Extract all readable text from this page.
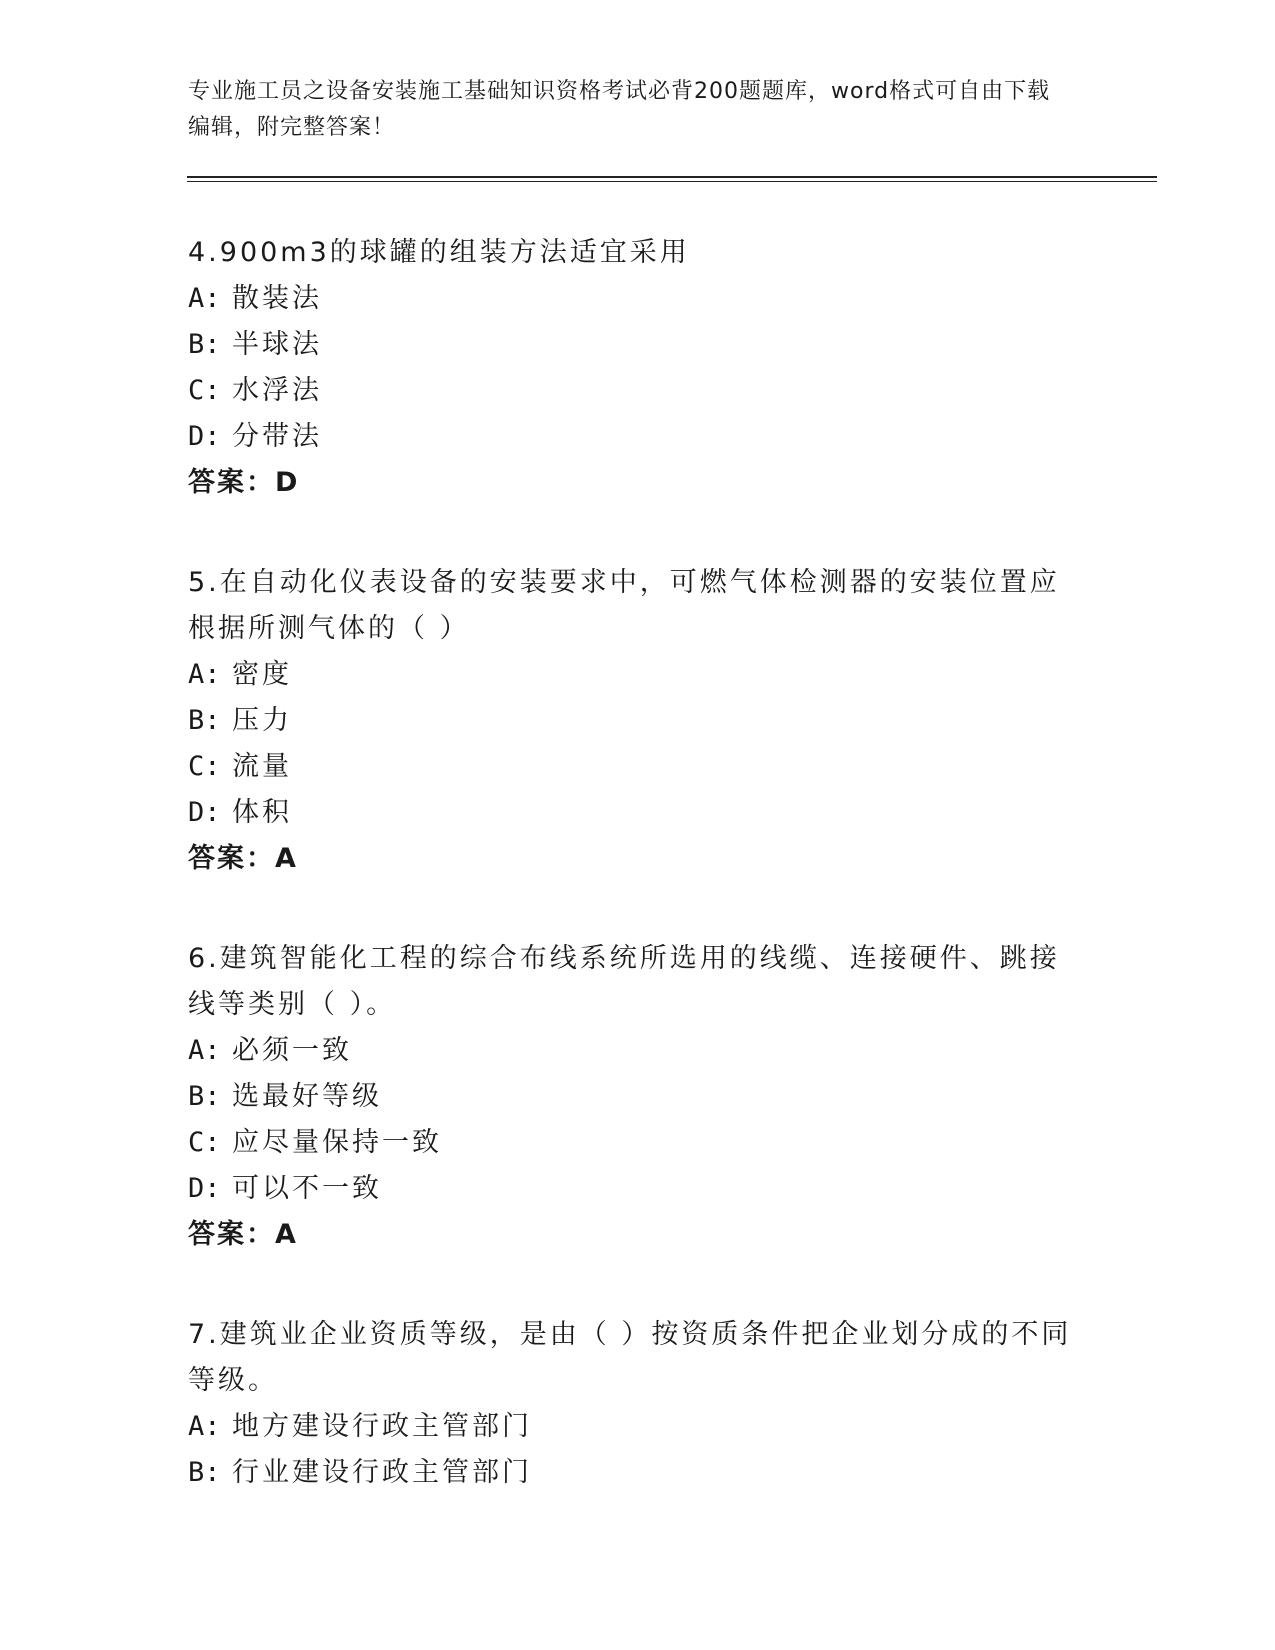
专业施工员之设备安装施工基础知识资格考试必背200题题库，word格式可自由下载编辑，附完整答案！
4.900m3的球罐的组装方法适宜采用
A: 散装法
B: 半球法
C: 水浮法
D: 分带法
答案：D
5.在自动化仪表设备的安装要求中，可燃气体检测器的安装位置应根据所测气体的（ ）
A: 密度
B: 压力
C: 流量
D: 体积
答案：A
6.建筑智能化工程的综合布线系统所选用的线缆、连接硬件、跳接线等类别（ ）。
A: 必须一致
B: 选最好等级
C: 应尽量保持一致
D: 可以不一致
答案：A
7.建筑业企业资质等级，是由（ ）按资质条件把企业划分成的不同等级。
A: 地方建设行政主管部门
B: 行业建设行政主管部门
